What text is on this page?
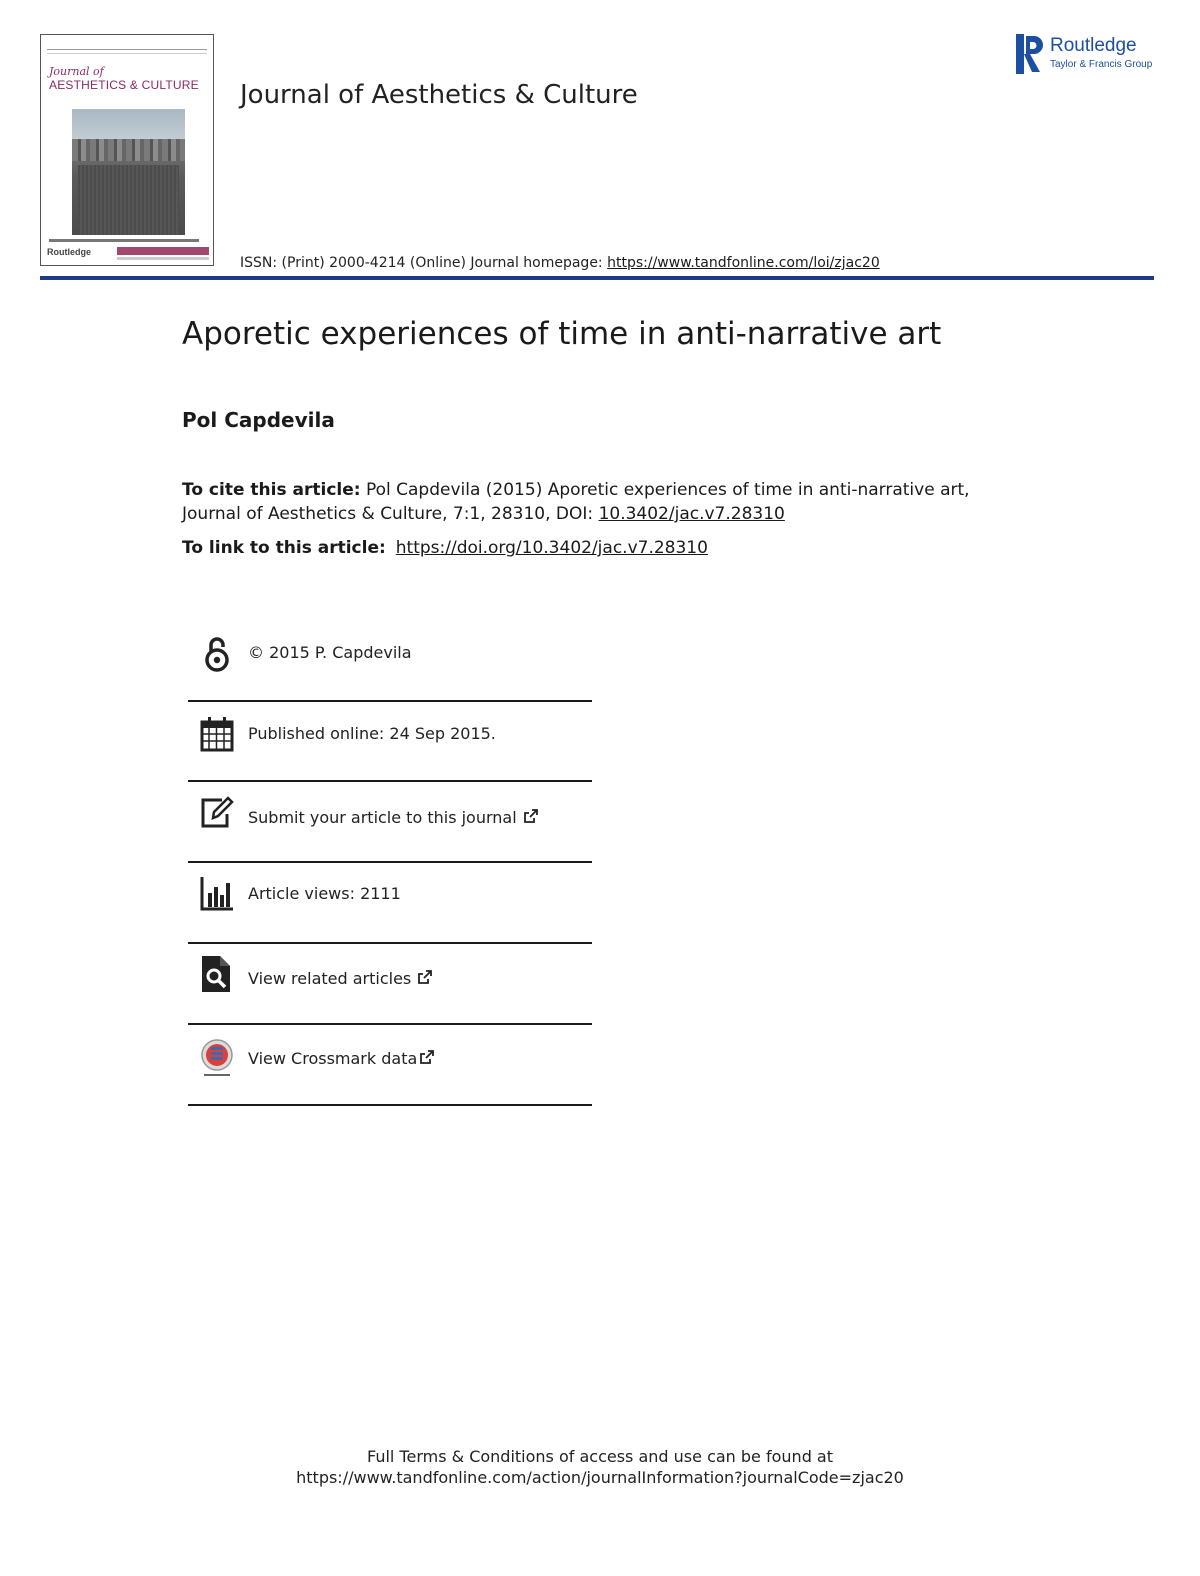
Journal of
AESTHETICS & CULTURE
Routledge
Journal of Aesthetics & Culture
Routledge
Taylor & Francis Group
ISSN: (Print) 2000-4214 (Online) Journal homepage: https://www.tandfonline.com/loi/zjac20
Aporetic experiences of time in anti-narrative art
Pol Capdevila
To cite this article: Pol Capdevila (2015) Aporetic experiences of time in anti-narrative art, Journal of Aesthetics & Culture, 7:1, 28310, DOI: 10.3402/jac.v7.28310
To link to this article: https://doi.org/10.3402/jac.v7.28310
© 2015 P. Capdevila
Published online: 24 Sep 2015.
Submit your article to this journal
Article views: 2111
View related articles
View Crossmark data
Full Terms & Conditions of access and use can be found at
https://www.tandfonline.com/action/journalInformation?journalCode=zjac20
